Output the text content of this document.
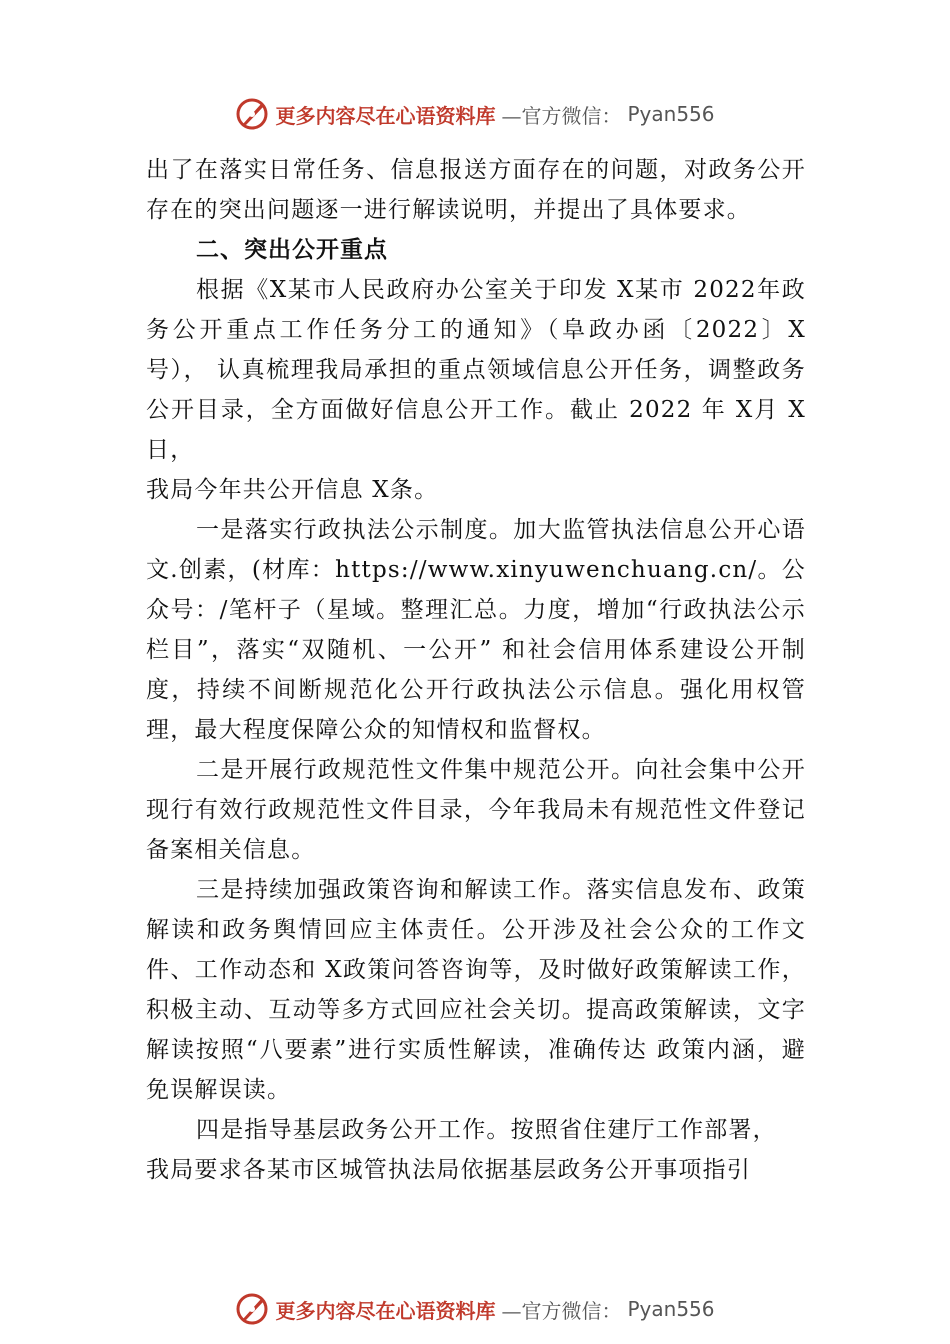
更多内容尽在心语资料库 —官方微信： Pyan556

出了在落实日常任务、信息报送方面存在的问题，对政务公开存在的突出问题逐一进行解读说明，并提出了具体要求。

二、突出公开重点

根据《X某市人民政府办公室关于印发 X某市 2022年政务公开重点工作任务分工的通知》（阜政办函〔2022〕X号）， 认真梳理我局承担的重点领域信息公开任务，调整政务公开目录，全方面做好信息公开工作。截止 2022 年 X月 X日，

我局今年共公开信息 X条。

一是落实行政执法公示制度。加大监管执法信息公开心语文.创素，(材库：https://www.xinyuwenchuang.cn/。公众号：/笔杆子（星域。整理汇总。力度，增加“行政执法公示栏目”，落实“双随机、一公开” 和社会信用体系建设公开制度，持续不间断规范化公开行政执法公示信息。强化用权管理，最大程度保障公众的知情权和监督权。

二是开展行政规范性文件集中规范公开。向社会集中公开现行有效行政规范性文件目录，今年我局未有规范性文件登记备案相关信息。

三是持续加强政策咨询和解读工作。落实信息发布、政策解读和政务舆情回应主体责任。公开涉及社会公众的工作文件、工作动态和 X政策问答咨询等，及时做好政策解读工作，积极主动、互动等多方式回应社会关切。提高政策解读，文字解读按照“八要素”进行实质性解读，准确传达 政策内涵，避免误解误读。

四是指导基层政务公开工作。按照省住建厅工作部署，

我局要求各某市区城管执法局依据基层政务公开事项指引

更多内容尽在心语资料库 —官方微信： Pyan556
